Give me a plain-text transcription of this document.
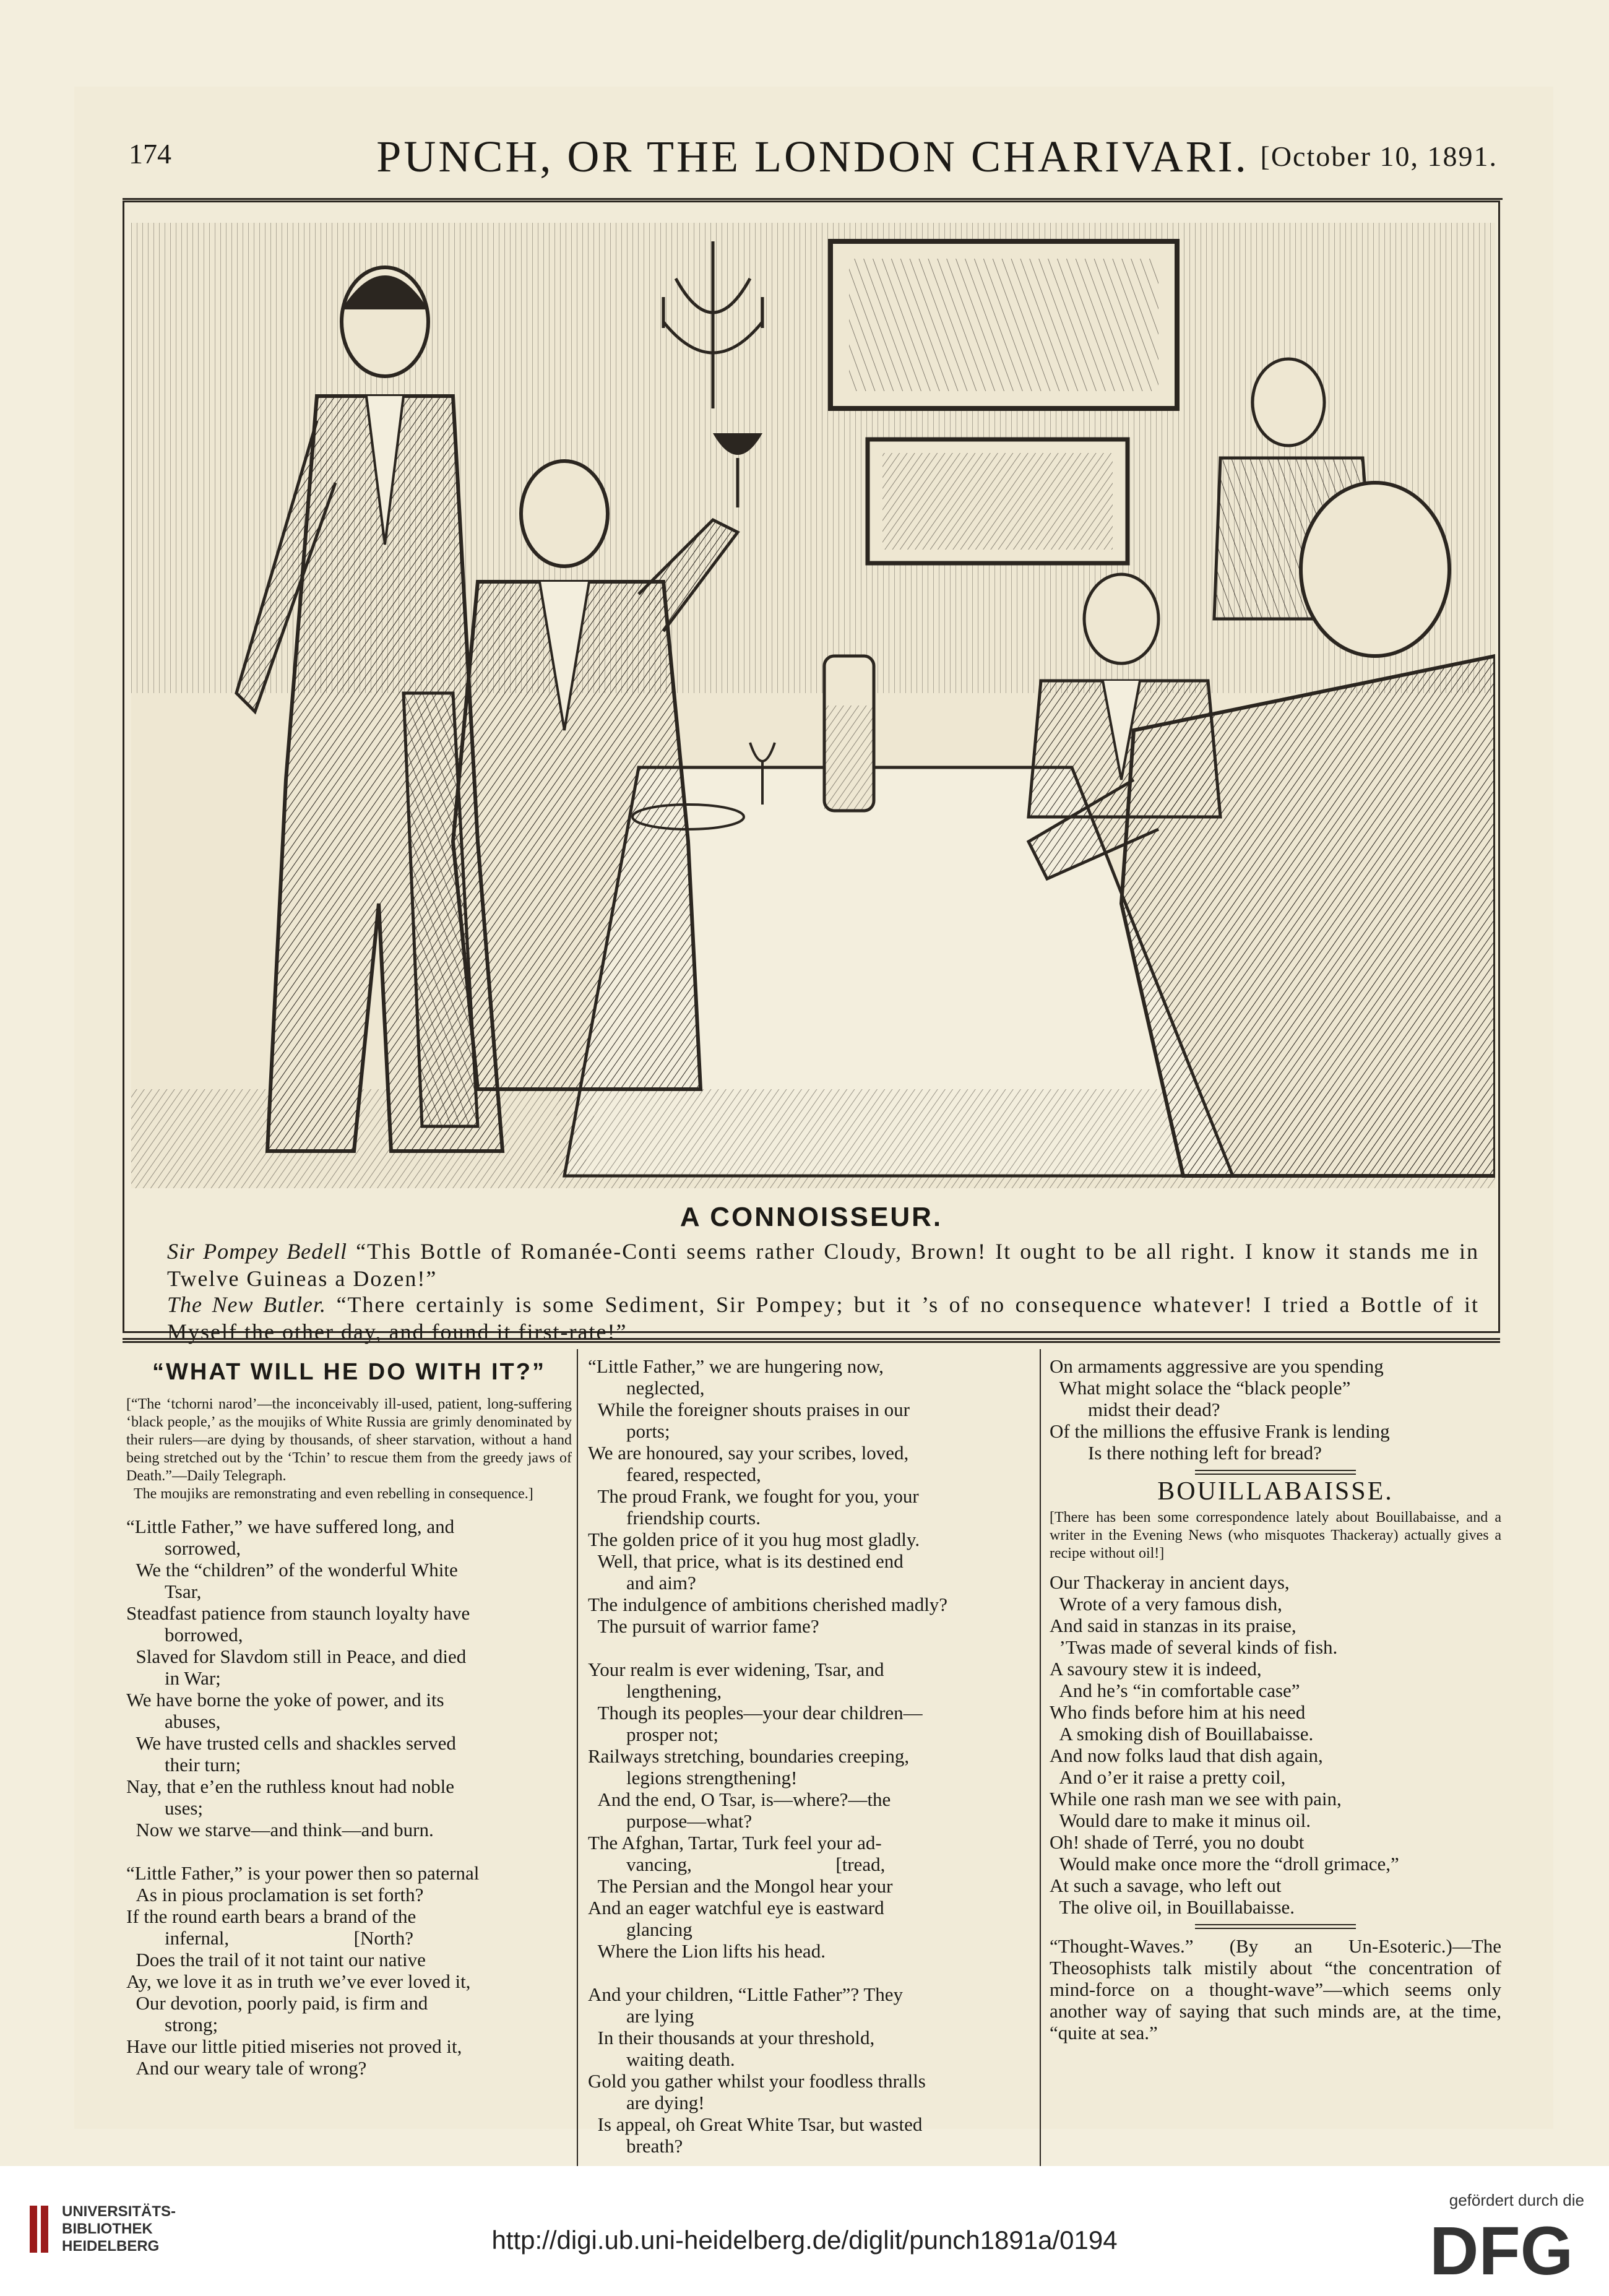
174	PUNCH, OR THE LONDON CHARIVARI. [October 10, 1891.
A CONNOISSEUR.
Sir Pompey Bedell “This Bottle of Romanée-Conti seems rather Cloudy, Brown! It ought to be all right. I know it stands me in Twelve Guineas a Dozen!”
The New Butler. “There certainly is some Sediment, Sir Pompey; but it ’s of no consequence whatever! I tried a Bottle of it Myself the other day, and found it first-rate!”

“WHAT WILL HE DO WITH IT?”

[“The ‘tchorni narod’—the inconceivably ill-used, patient, long-suffering ‘black people,’ as the moujiks of White Russia are grimly denominated by their rulers—are dying by thousands, of sheer starvation, without a hand being stretched out by the ‘Tchin’ to rescue them from the greedy jaws of Death.”—Daily Telegraph.
The moujiks are remonstrating and even rebelling in consequence.]

“Little Father,” we have suffered long, and
sorrowed,
We the “children” of the wonderful White
Tsar,
Steadfast patience from staunch loyalty have
borrowed,
Slaved for Slavdom still in Peace, and died
in War;
We have borne the yoke of power, and its
abuses,
We have trusted cells and shackles served
their turn;
Nay, that e’en the ruthless knout had noble
uses;
Now we starve—and think—and burn.

“Little Father,” is your power then so paternal
As in pious proclamation is set forth?
If the round earth bears a brand of the
infernal,                          [North?
Does the trail of it not taint our native
Ay, we love it as in truth we’ve ever loved it,
Our devotion, poorly paid, is firm and
strong;
Have our little pitied miseries not proved it,
And our weary tale of wrong?

“Little Father,” we are hungering now,
neglected,
While the foreigner shouts praises in our
ports;
We are honoured, say your scribes, loved,
feared, respected,
The proud Frank, we fought for you, your
friendship courts.
The golden price of it you hug most gladly.
Well, that price, what is its destined end
and aim?
The indulgence of ambitions cherished madly?
The pursuit of warrior fame?

Your realm is ever widening, Tsar, and
lengthening,
Though its peoples—your dear children—
prosper not;
Railways stretching, boundaries creeping,
legions strengthening!
And the end, O Tsar, is—where?—the
purpose—what?
The Afghan, Tartar, Turk feel your ad-
vancing,                              [tread,
The Persian and the Mongol hear your
And an eager watchful eye is eastward
glancing
Where the Lion lifts his head.

And your children, “Little Father”? They
are lying
In their thousands at your threshold,
waiting death.
Gold you gather whilst your foodless thralls
are dying!
Is appeal, oh Great White Tsar, but wasted
breath?

On armaments aggressive are you spending
What might solace the “black people”
midst their dead?
Of the millions the effusive Frank is lending
Is there nothing left for bread?

BOUILLABAISSE.

[There has been some correspondence lately about Bouillabaisse, and a writer in the Evening News (who misquotes Thackeray) actually gives a recipe without oil!]

Our Thackeray in ancient days,
Wrote of a very famous dish,
And said in stanzas in its praise,
’Twas made of several kinds of fish.
A savoury stew it is indeed,
And he’s “in comfortable case”
Who finds before him at his need
A smoking dish of Bouillabaisse.
And now folks laud that dish again,
And o’er it raise a pretty coil,
While one rash man we see with pain,
Would dare to make it minus oil.
Oh! shade of Terré, you no doubt
Would make once more the “droll grimace,”
At such a savage, who left out
The olive oil, in Bouillabaisse.

“Thought-Waves.” (By an Un-Esoteric.)—The Theosophists talk mistily about “the concentration of mind-force on a thought-wave”—which seems only another way of saying that such minds are, at the time, “quite at sea.”

UNIVERSITÄTS-
BIBLIOTHEK
HEIDELBERG	http://digi.ub.uni-heidelberg.de/diglit/punch1891a/0194
gefördert durch die
DFG
